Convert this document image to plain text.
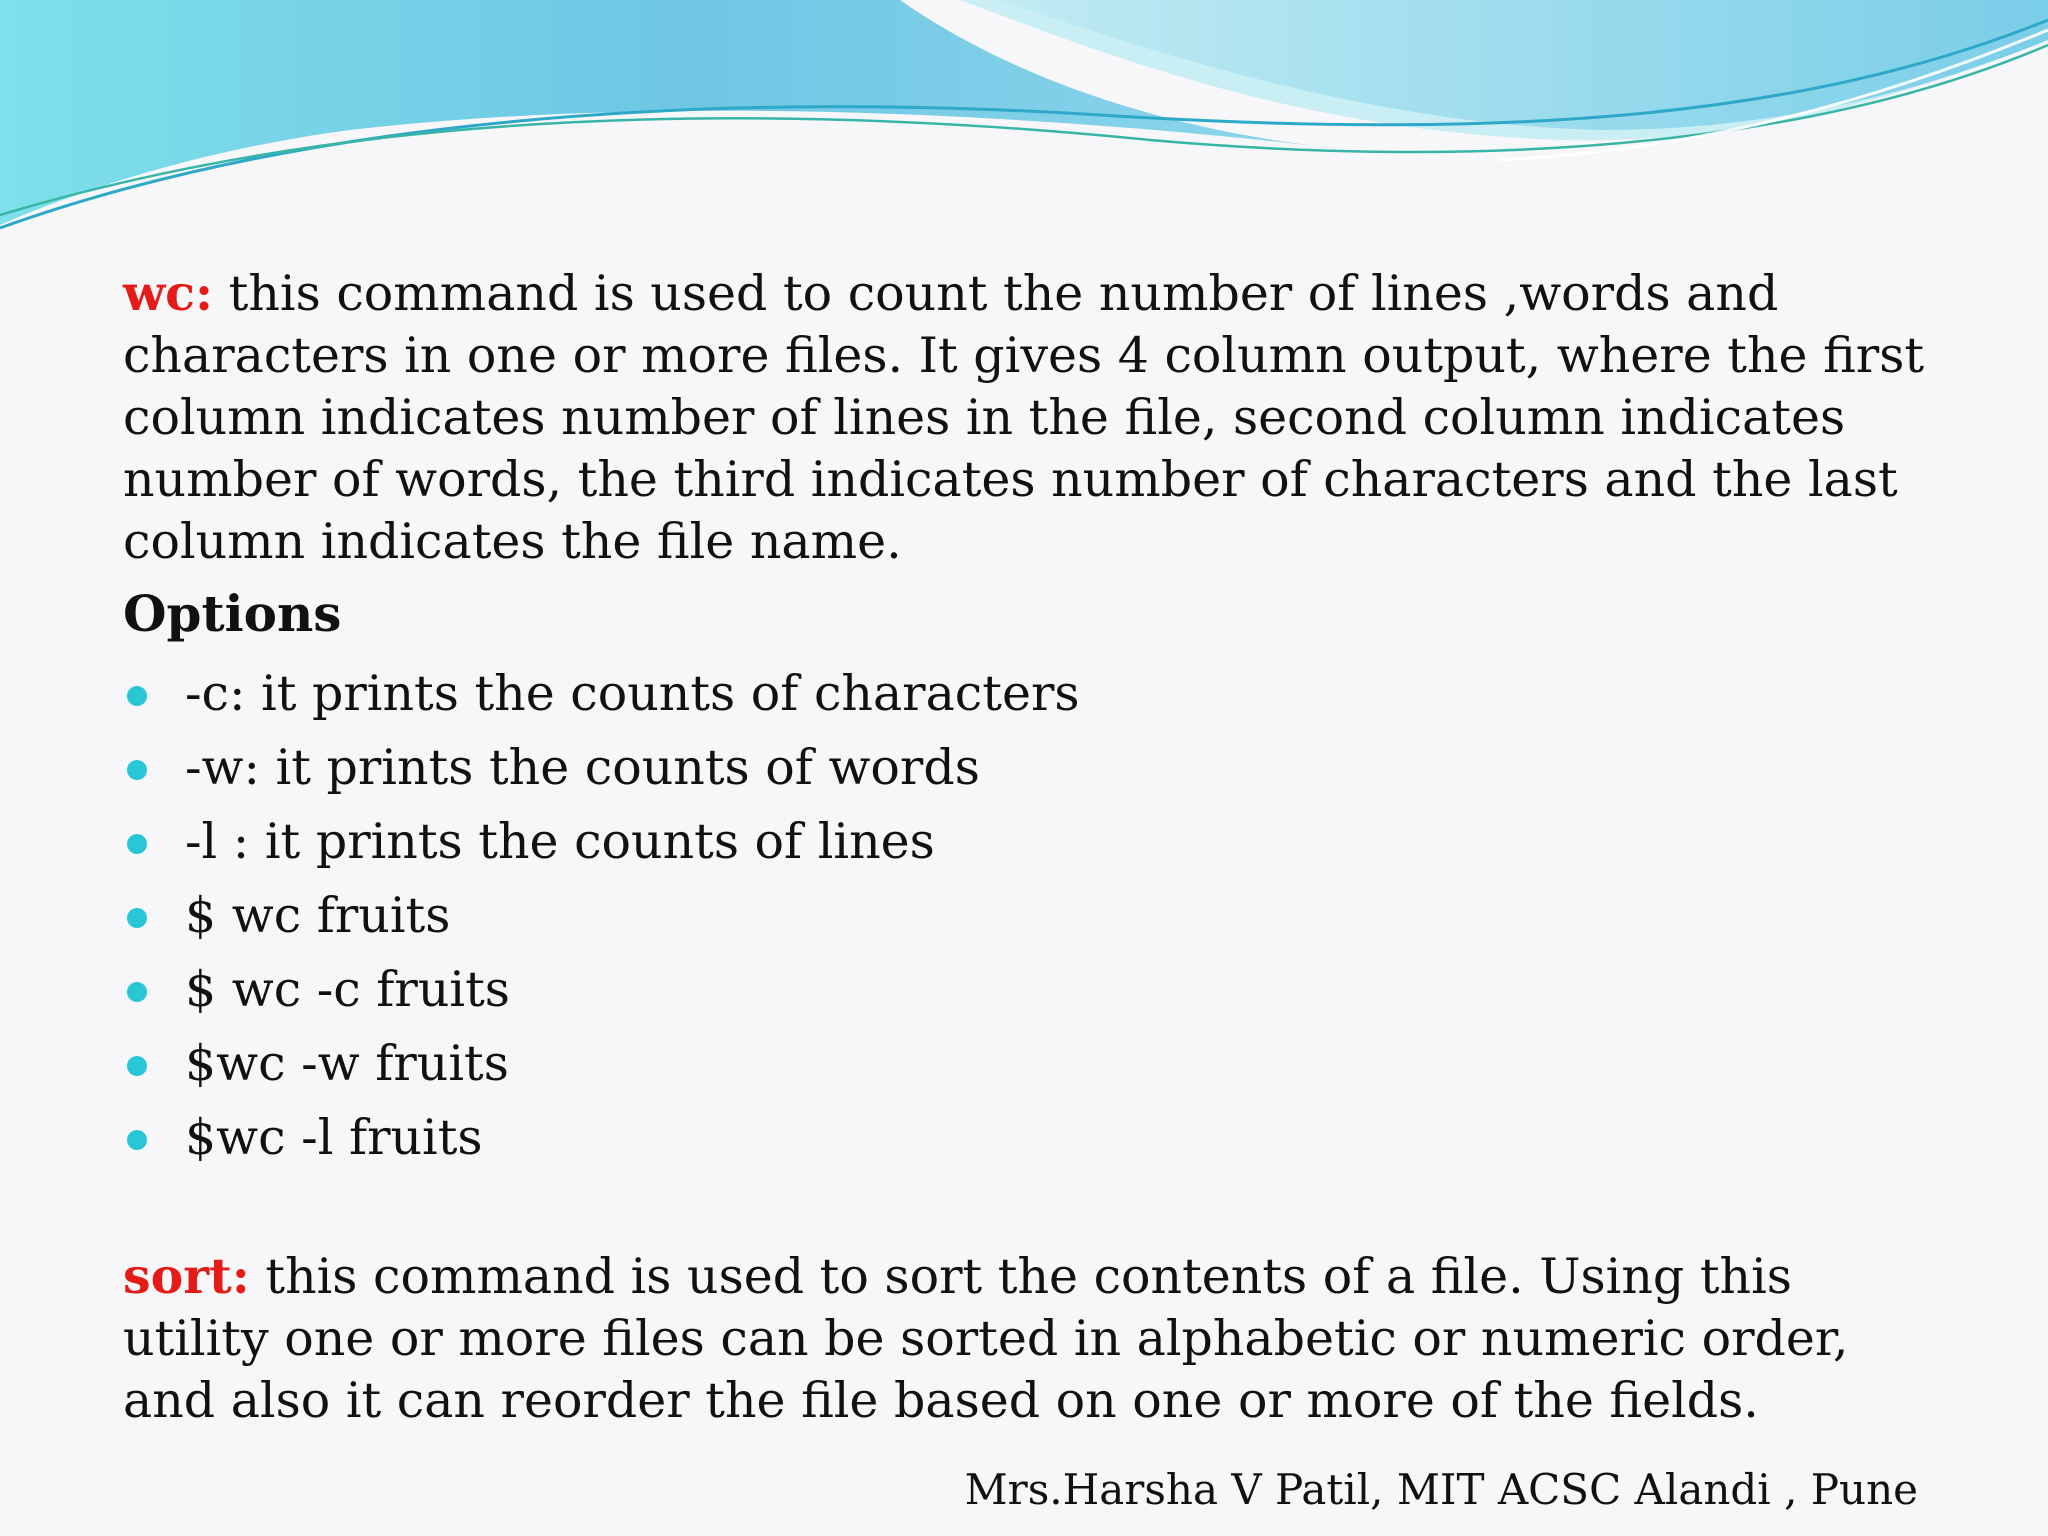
wc: this command is used to count the number of lines ,words and characters in one or more files. It gives 4 column output, where the first column indicates number of lines in the file, second column indicates number of words, the third indicates number of characters and the last column indicates the file name.

Options
-c: it prints the counts of characters
-w: it prints the counts of words
-l : it prints the counts of lines
$ wc fruits
$ wc -c fruits
$wc -w fruits
$wc -l fruits

sort: this command is used to sort the contents of a file. Using this utility one or more files can be sorted in alphabetic or numeric order, and also it can reorder the file based on one or more of the fields.

Mrs.Harsha V Patil, MIT ACSC Alandi , Pune
